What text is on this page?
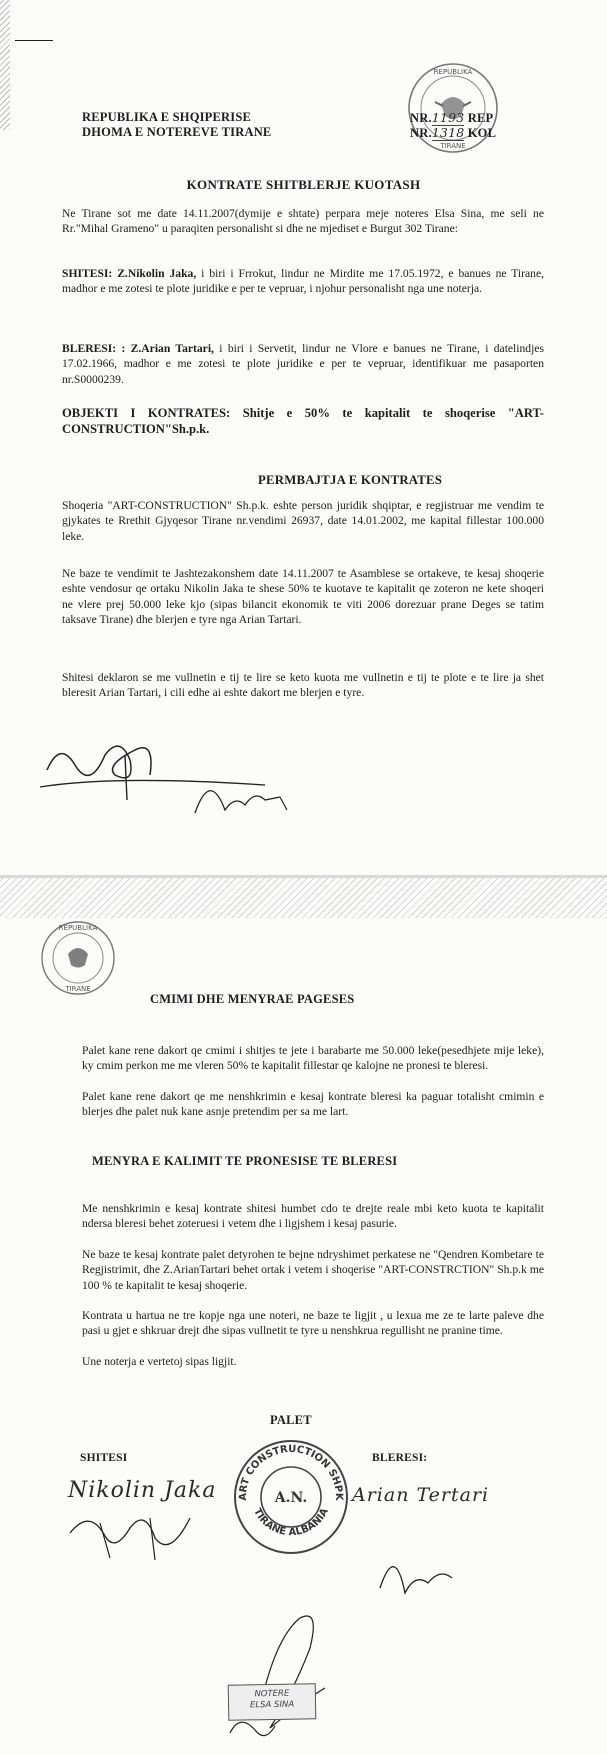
REPUBLIKA
TIRANE
REPUBLIKA E SHQIPERISE
DHOMA E NOTEREVE TIRANE
NR.1193 REP
NR.1318 KOL
KONTRATE SHITBLERJE KUOTASH

Ne Tirane sot me date 14.11.2007(dymije e shtate) perpara meje noteres Elsa Sina, me seli ne Rr."Mihal Grameno" u paraqiten personalisht si dhe ne mjediset e Burgut 302 Tirane:

SHITESI: Z.Nikolin Jaka, i biri i Frrokut, lindur ne Mirdite me 17.05.1972, e banues ne Tirane, madhor e me zotesi te plote juridike e per te vepruar, i njohur personalisht nga une noterja.

BLERESI: : Z.Arian Tartari, i biri i Servetit, lindur ne Vlore e banues ne Tirane, i datelindjes 17.02.1966, madhor e me zotesi te plote juridike e per te vepruar, identifikuar me pasaporten nr.S0000239.

OBJEKTI I KONTRATES: Shitje e 50% te kapitalit te shoqerise "ART-CONSTRUCTION"Sh.p.k.

PERMBAJTJA E KONTRATES

Shoqeria "ART-CONSTRUCTION" Sh.p.k. eshte person juridik shqiptar, e regjistruar me vendim te gjykates te Rrethit Gjyqesor Tirane nr.vendimi 26937, date 14.01.2002, me kapital fillestar 100.000 leke.

Ne baze te vendimit te Jashtezakonshem date 14.11.2007 te Asamblese se ortakeve, te kesaj shoqerie eshte vendosur qe ortaku Nikolin Jaka te shese 50% te kuotave te kapitalit qe zoteron ne kete shoqeri ne vlere prej 50.000 leke kjo (sipas bilancit ekonomik te viti 2006 dorezuar prane Deges se tatim taksave Tirane) dhe blerjen e tyre nga Arian Tartari.

Shitesi deklaron se me vullnetin e tij te lire se keto kuota me vullnetin e tij te plote e te lire ja shet bleresit Arian Tartari, i cili edhe ai eshte dakort me blerjen e tyre.

REPUBLIKA
TIRANE
CMIMI DHE MENYRAE PAGESES

Palet kane rene dakort qe cmimi i shitjes te jete i barabarte me 50.000 leke(pesedhjete mije leke), ky cmim perkon me me vleren 50% te kapitalit fillestar qe kalojne ne pronesi te bleresi.

Palet kane rene dakort qe me nenshkrimin e kesaj kontrate bleresi ka paguar totalisht cmimin e blerjes dhe palet nuk kane asnje pretendim per sa me lart.

MENYRA E KALIMIT TE PRONESISE TE BLERESI

Me nenshkrimin e kesaj kontrate shitesi humbet cdo te drejte reale mbi keto kuota te kapitalit ndersa bleresi behet zoteruesi i vetem dhe i ligjshem i kesaj pasurie.

Ne baze te kesaj kontrate palet detyrohen te bejne ndryshimet perkatese ne "Qendren Kombetare te Regjistrimit, dhe Z.ArianTartari behet ortak i vetem i shoqerise "ART-CONSTRCTION" Sh.p.k me 100 % te kapitalit te kesaj shoqerie.

Kontrata u hartua ne tre kopje nga une noteri, ne baze te ligjit , u lexua me ze te larte paleve dhe pasi u gjet e shkruar drejt dhe sipas vullnetit te tyre u nenshkrua regullisht ne pranine time.

Une noterja e vertetoj sipas ligjit.

PALET
SHITESI	BLERESI:
Nikolin Jaka	Arian Tertari
ART CONSTRUCTION SHPK
A.N.
TIRANE ALBANIA
NOTERE
ELSA SINA
